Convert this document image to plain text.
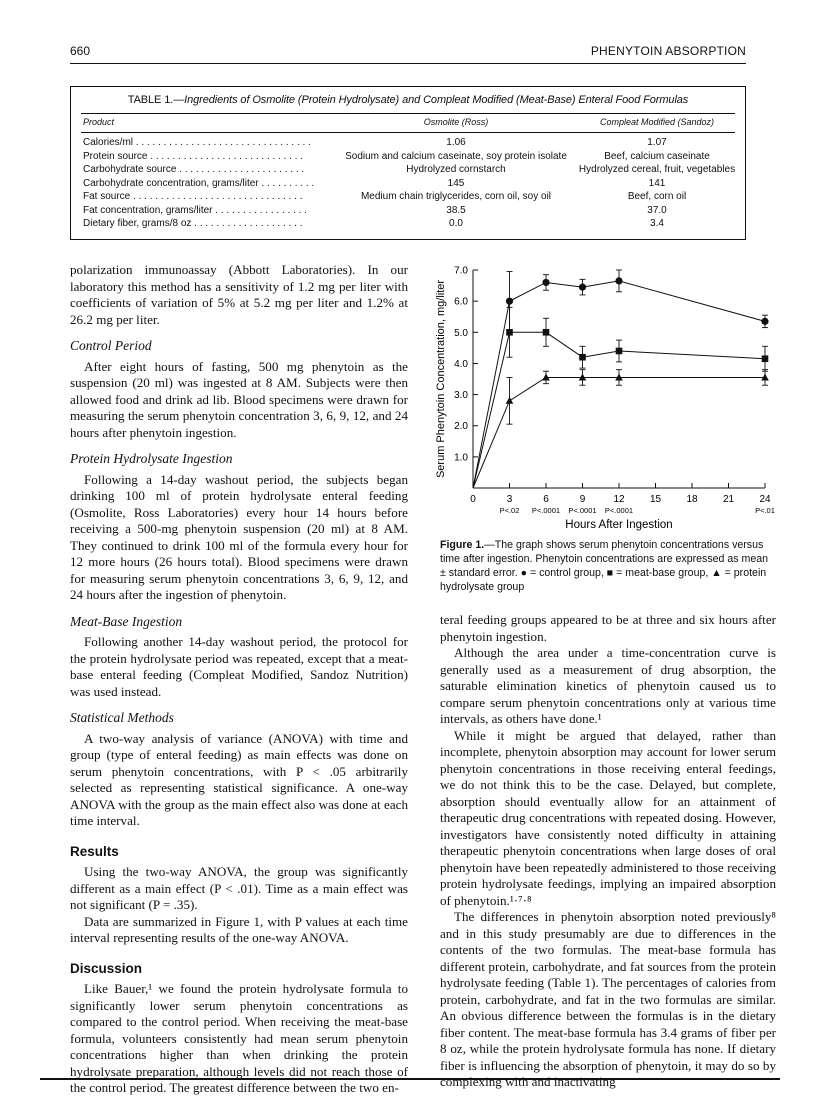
660	PHENYTOIN ABSORPTION
TABLE 1.—Ingredients of Osmolite (Protein Hydrolysate) and Compleat Modified (Meat-Base) Enteral Food Formulas
Product	Osmolite (Ross)	Compleat Modified (Sandoz)
Calories/ml . . . . . . . . . . . . . . . . . . . . . . . . . . . . . . . .	1.06	1.07
Protein source . . . . . . . . . . . . . . . . . . . . . . . . . . . .	Sodium and calcium caseinate, soy protein isolate	Beef, calcium caseinate
Carbohydrate source . . . . . . . . . . . . . . . . . . . . . . .	Hydrolyzed cornstarch	Hydrolyzed cereal, fruit, vegetables
Carbohydrate concentration, grams/liter . . . . . . . . . .	145	141
Fat source . . . . . . . . . . . . . . . . . . . . . . . . . . . . . . .	Medium chain triglycerides, corn oil, soy oil	Beef, corn oil
Fat concentration, grams/liter . . . . . . . . . . . . . . . . .	38.5	37.0
Dietary fiber, grams/8 oz . . . . . . . . . . . . . . . . . . . .	0.0	3.4

polarization immunoassay (Abbott Laboratories). In our laboratory this method has a sensitivity of 1.2 mg per liter with coefficients of variation of 5% at 5.2 mg per liter and 1.2% at 26.2 mg per liter.

Control Period

After eight hours of fasting, 500 mg phenytoin as the suspension (20 ml) was ingested at 8 AM. Subjects were then allowed food and drink ad lib. Blood specimens were drawn for measuring the serum phenytoin concentration 3, 6, 9, 12, and 24 hours after phenytoin ingestion.

Protein Hydrolysate Ingestion

Following a 14-day washout period, the subjects began drinking 100 ml of protein hydrolysate enteral feeding (Osmolite, Ross Laboratories) every hour 14 hours before receiving a 500-mg phenytoin suspension (20 ml) at 8 AM. They continued to drink 100 ml of the formula every hour for 12 more hours (26 hours total). Blood specimens were drawn for measuring serum phenytoin concentrations 3, 6, 9, 12, and 24 hours after the ingestion of phenytoin.

Meat-Base Ingestion

Following another 14-day washout period, the protocol for the protein hydrolysate period was repeated, except that a meat-base enteral feeding (Compleat Modified, Sandoz Nutrition) was used instead.

Statistical Methods

A two-way analysis of variance (ANOVA) with time and group (type of enteral feeding) as main effects was done on serum phenytoin concentrations, with P < .05 arbitrarily selected as representing statistical significance. A one-way ANOVA with the group as the main effect also was done at each time interval.

Results

Using the two-way ANOVA, the group was significantly different as a main effect (P < .01). Time as a main effect was not significant (P = .35).

Data are summarized in Figure 1, with P values at each time interval representing results of the one-way ANOVA.

Discussion

Like Bauer,¹ we found the protein hydrolysate formula to significantly lower serum phenytoin concentrations as compared to the control period. When receiving the meat-base formula, volunteers consistently had mean serum phenytoin concentrations higher than when drinking the protein hydrolysate preparation, although levels did not reach those of the control period. The greatest difference between the two en-

1.0
2.0
3.0
4.0
5.0
6.0
7.0
0	3	6	9	12	15	18	21	24
P<.02 P<.0001 P<.0001 P<.0001	P<.01
Serum Phenytoin Concentration, mg/liter
Hours After Ingestion
Figure 1.—The graph shows serum phenytoin concentrations versus time after ingestion. Phenytoin concentrations are expressed as mean ± standard error. ● = control group, ■ = meat-base group, ▲ = protein hydrolysate group

teral feeding groups appeared to be at three and six hours after phenytoin ingestion.

Although the area under a time-concentration curve is generally used as a measurement of drug absorption, the saturable elimination kinetics of phenytoin caused us to compare serum phenytoin concentrations only at various time intervals, as others have done.¹

While it might be argued that delayed, rather than incomplete, phenytoin absorption may account for lower serum phenytoin concentrations in those receiving enteral feedings, we do not think this to be the case. Delayed, but complete, absorption should eventually allow for an attainment of therapeutic drug concentrations with repeated dosing. However, investigators have consistently noted difficulty in attaining therapeutic phenytoin concentrations when large doses of oral phenytoin have been repeatedly administered to those receiving protein hydrolysate feedings, implying an impaired absorption of phenytoin.¹·⁷·⁸

The differences in phenytoin absorption noted previously⁸ and in this study presumably are due to differences in the contents of the two formulas. The meat-base formula has different protein, carbohydrate, and fat sources from the protein hydrolysate feeding (Table 1). The percentages of calories from protein, carbohydrate, and fat in the two formulas are similar. An obvious difference between the formulas is in the dietary fiber content. The meat-base formula has 3.4 grams of fiber per 8 oz, while the protein hydrolysate formula has none. If dietary fiber is influencing the absorption of phenytoin, it may do so by complexing with and inactivating
